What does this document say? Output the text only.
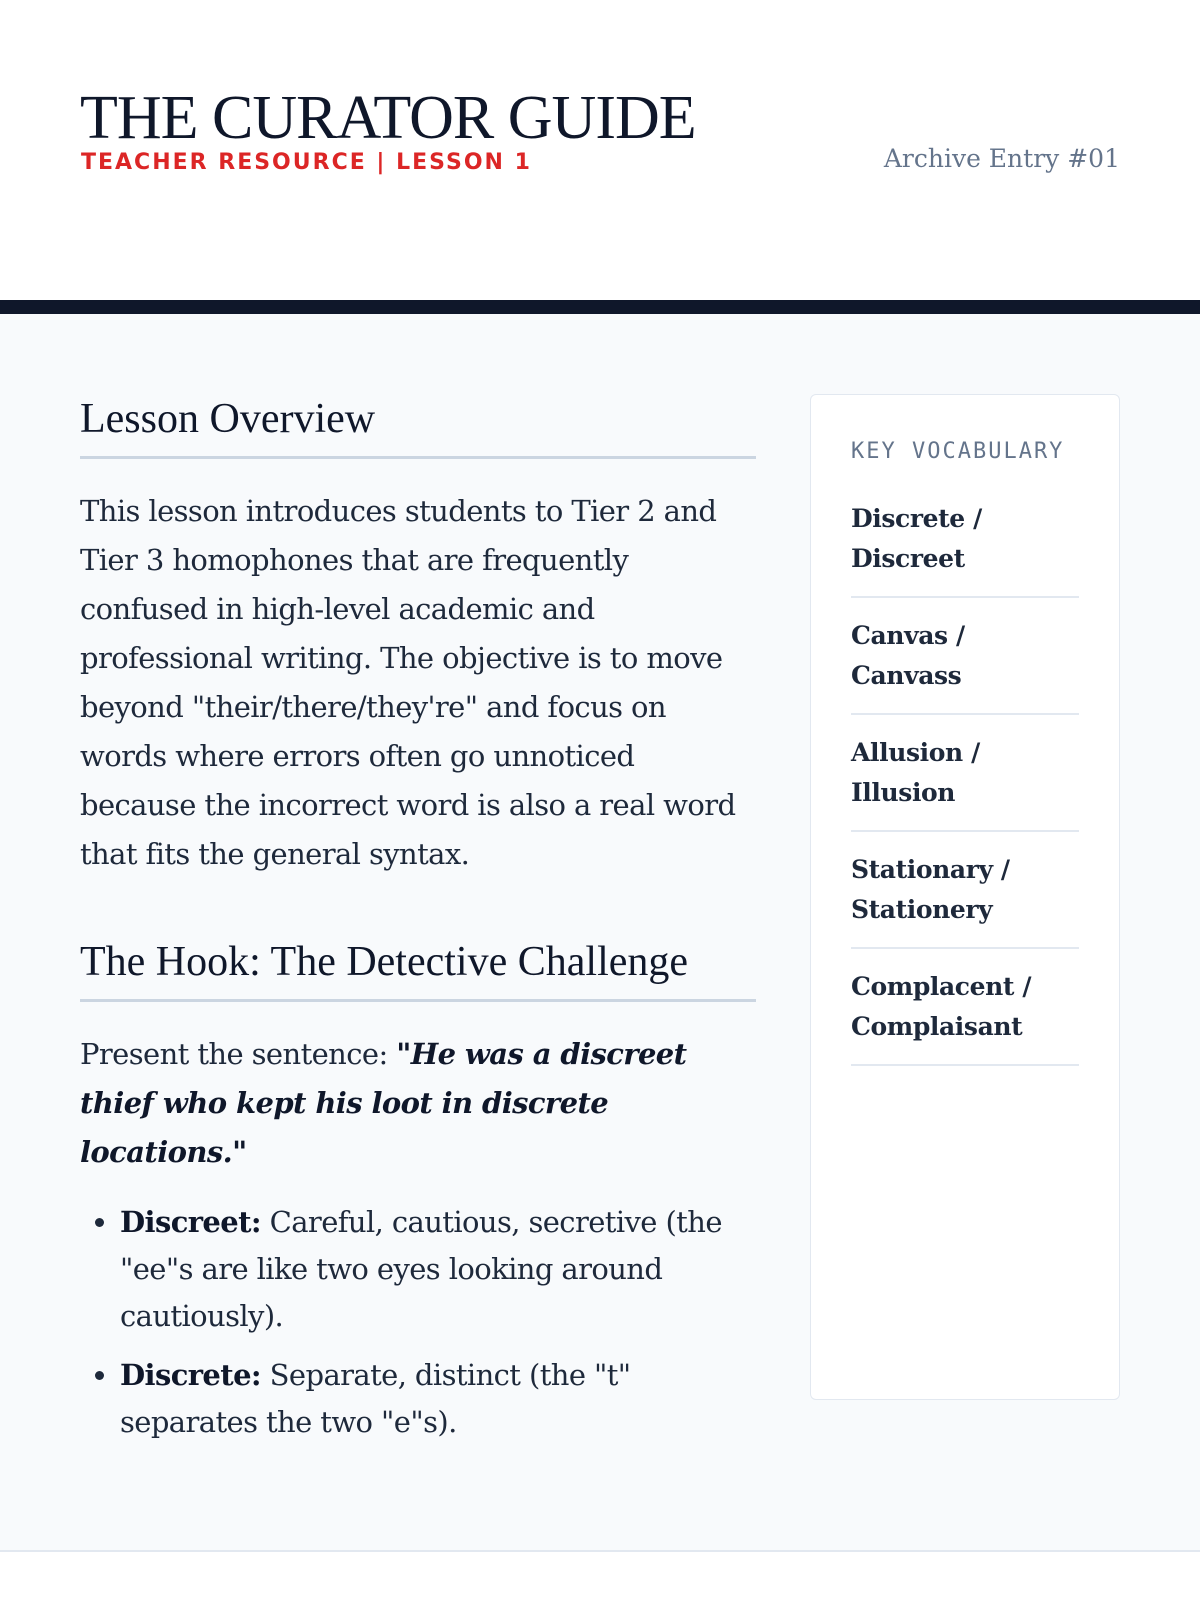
THE CURATOR GUIDE
TEACHER RESOURCE | LESSON 1	Archive Entry #01
Lesson Overview

This lesson introduces students to Tier 2 and Tier 3 homophones that are frequently confused in high-level academic and professional writing. The objective is to move beyond "their/there/they're" and focus on words where errors often go unnoticed because the incorrect word is also a real word that fits the general syntax.

The Hook: The Detective Challenge

Present the sentence: "He was a discreet thief who kept his loot in discrete locations."

• Discreet: Careful, cautious, secretive (the "ee"s are like two eyes looking around cautiously).
• Discrete: Separate, distinct (the "t" separates the two "e"s).
KEY VOCABULARY
Discrete / Discreet
Canvas / Canvass
Allusion / Illusion
Stationary / Stationery
Complacent / Complaisant
